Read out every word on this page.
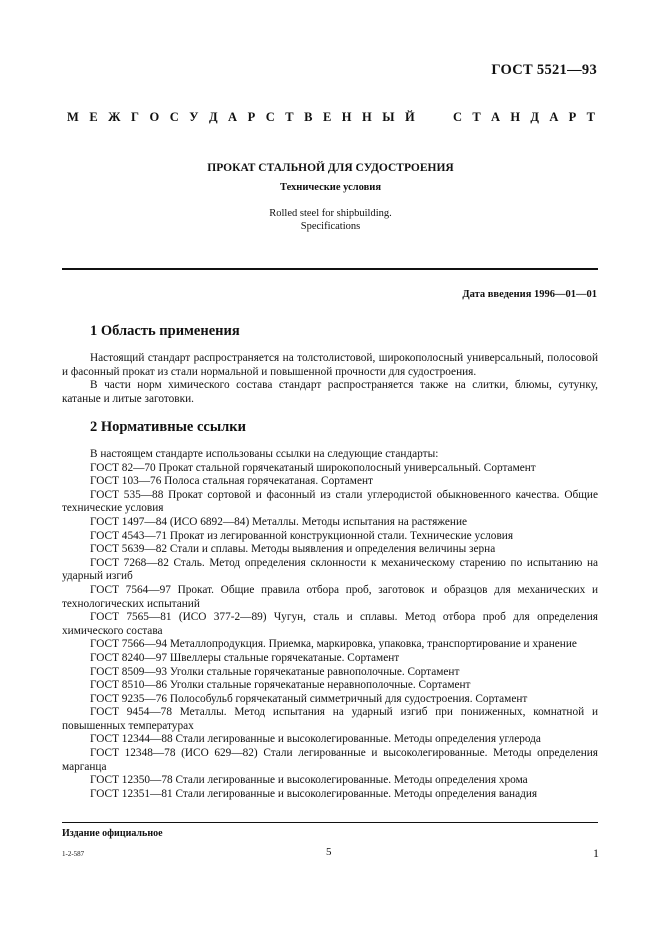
ГОСТ 5521—93
М Е Ж Г О С У Д А Р С Т В Е Н Н Ы Й	С Т А Н Д А Р Т
ПРОКАТ СТАЛЬНОЙ ДЛЯ СУДОСТРОЕНИЯ
Технические условия
Rolled steel for shipbuilding.
Specifications
Дата введения 1996—01—01
1 Область применения

Настоящий стандарт распространяется на толстолистовой, широкополосный универсальный, полосовой и фасонный прокат из стали нормальной и повышенной прочности для судостроения.

В части норм химического состава стандарт распространяется также на слитки, блюмы, сутунку, катаные и литые заготовки.

2 Нормативные ссылки

В настоящем стандарте использованы ссылки на следующие стандарты:

ГОСТ 82—70 Прокат стальной горячекатаный широкополосный универсальный. Сортамент

ГОСТ 103—76 Полоса стальная горячекатаная. Сортамент

ГОСТ 535—88 Прокат сортовой и фасонный из стали углеродистой обыкновенного качества. Общие технические условия

ГОСТ 1497—84 (ИСО 6892—84) Металлы. Методы испытания на растяжение

ГОСТ 4543—71 Прокат из легированной конструкционной стали. Технические условия

ГОСТ 5639—82 Стали и сплавы. Методы выявления и определения величины зерна

ГОСТ 7268—82 Сталь. Метод определения склонности к механическому старению по испытанию на ударный изгиб

ГОСТ 7564—97 Прокат. Общие правила отбора проб, заготовок и образцов для механических и технологических испытаний

ГОСТ 7565—81 (ИСО 377-2—89) Чугун, сталь и сплавы. Метод отбора проб для определения химического состава

ГОСТ 7566—94 Металлопродукция. Приемка, маркировка, упаковка, транспортирование и хранение

ГОСТ 8240—97 Швеллеры стальные горячекатаные. Сортамент

ГОСТ 8509—93 Уголки стальные горячекатаные равнополочные. Сортамент

ГОСТ 8510—86 Уголки стальные горячекатаные неравнополочные. Сортамент

ГОСТ 9235—76 Полособульб горячекатаный симметричный для судостроения. Сортамент

ГОСТ 9454—78 Металлы. Метод испытания на ударный изгиб при пониженных, комнатной и повышенных температурах

ГОСТ 12344—88 Стали легированные и высоколегированные. Методы определения углерода

ГОСТ 12348—78 (ИСО 629—82) Стали легированные и высоколегированные. Методы определения марганца

ГОСТ 12350—78 Стали легированные и высоколегированные. Методы определения хрома

ГОСТ 12351—81 Стали легированные и высоколегированные. Методы определения ванадия

Издание официальное
1-2-587	5	1
